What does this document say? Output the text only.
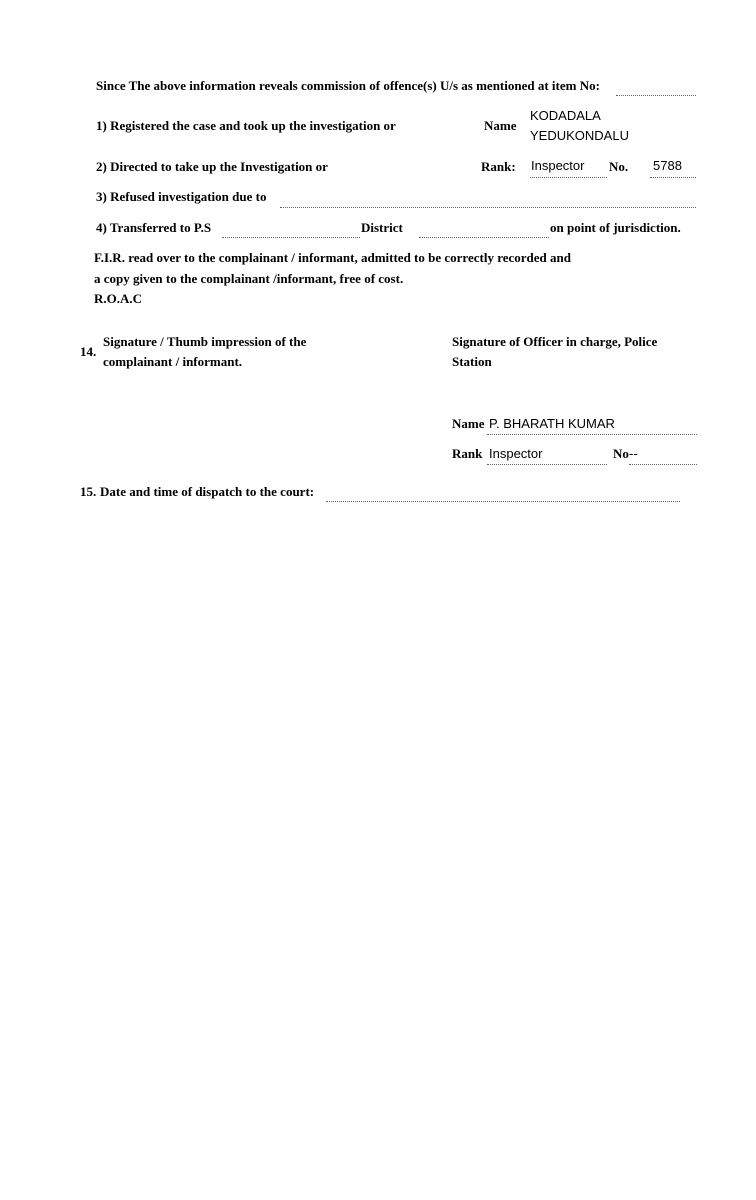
Since The above information reveals commission of offence(s) U/s as mentioned at item No:
1) Registered the case and took up the investigation or	Name
KODADALA
YEDUKONDALU
2) Directed to take up the Investigation or	Rank: Inspector No. 5788
3) Refused investigation due to
4) Transferred to P.S	District	on point of jurisdiction.
F.I.R. read over to the complainant / informant, admitted to be correctly recorded and
a copy given to the complainant /informant, free of cost.
R.O.A.C
14.
Signature / Thumb impression of the
complainant / informant.
Signature of Officer in charge, Police
Station
Name P. BHARATH KUMAR
Rank Inspector	No --
15. Date and time of dispatch to the court:
